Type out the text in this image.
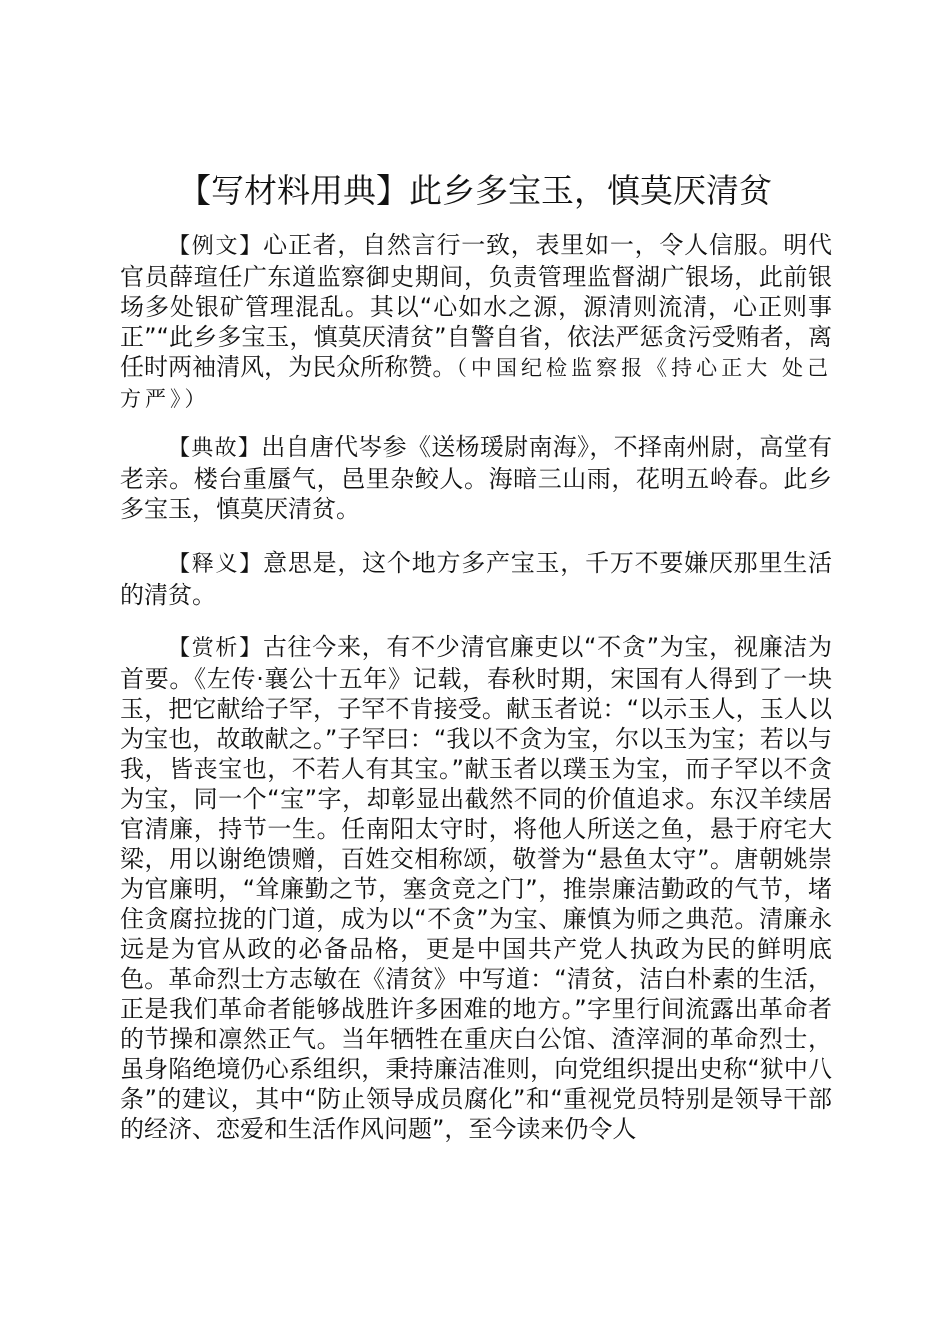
【写材料用典】此乡多宝玉，慎莫厌清贫

【例文】心正者，自然言行一致，表里如一，令人信服。明代官员薛瑄任广东道监察御史期间，负责管理监督湖广银场，此前银场多处银矿管理混乱。其以“心如水之源，源清则流清，心正则事正”“此乡多宝玉，慎莫厌清贫”自警自省，依法严惩贪污受贿者，离任时两袖清风，为民众所称赞。（中国纪检监察报《持心正大 处己方严》）

【典故】出自唐代岑参《送杨瑗尉南海》，不择南州尉，高堂有老亲。楼台重蜃气，邑里杂鲛人。海暗三山雨，花明五岭春。此乡多宝玉，慎莫厌清贫。

【释义】意思是，这个地方多产宝玉，千万不要嫌厌那里生活的清贫。

【赏析】古往今来，有不少清官廉吏以“不贪”为宝，视廉洁为首要。《左传·襄公十五年》记载，春秋时期，宋国有人得到了一块玉，把它献给子罕，子罕不肯接受。献玉者说：“以示玉人，玉人以为宝也，故敢献之。”子罕曰：“我以不贪为宝，尔以玉为宝；若以与我，皆丧宝也，不若人有其宝。”献玉者以璞玉为宝，而子罕以不贪为宝，同一个“宝”字，却彰显出截然不同的价值追求。东汉羊续居官清廉，持节一生。任南阳太守时，将他人所送之鱼，悬于府宅大梁，用以谢绝馈赠，百姓交相称颂，敬誉为“悬鱼太守”。唐朝姚崇为官廉明，“耸廉勤之节，塞贪竞之门”，推崇廉洁勤政的气节，堵住贪腐拉拢的门道，成为以“不贪”为宝、廉慎为师之典范。清廉永远是为官从政的必备品格，更是中国共产党人执政为民的鲜明底色。革命烈士方志敏在《清贫》中写道：“清贫，洁白朴素的生活，正是我们革命者能够战胜许多困难的地方。”字里行间流露出革命者的节操和凛然正气。当年牺牲在重庆白公馆、渣滓洞的革命烈士，虽身陷绝境仍心系组织，秉持廉洁准则，向党组织提出史称“狱中八条”的建议，其中“防止领导成员腐化”和“重视党员特别是领导干部的经济、恋爱和生活作风问题”，至今读来仍令人
